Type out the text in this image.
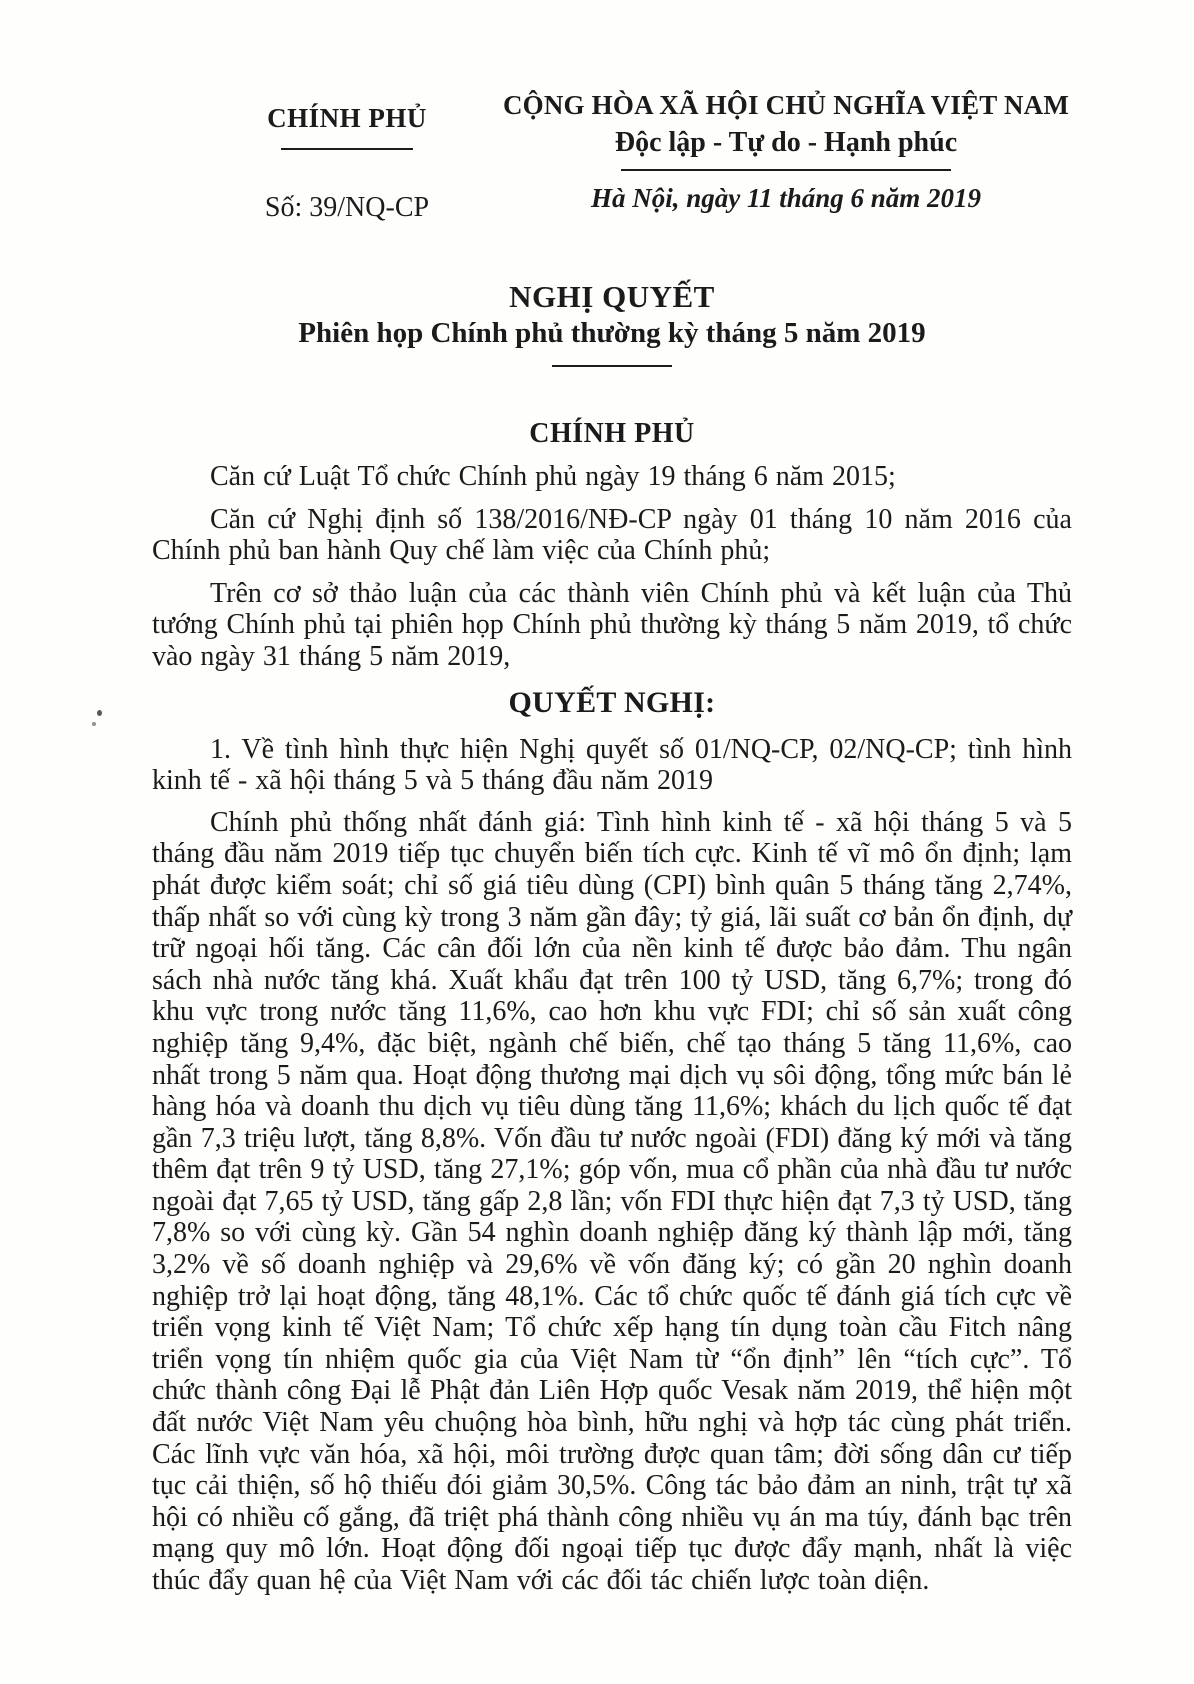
CHÍNH PHỦ
Số: 39/NQ-CP
CỘNG HÒA XÃ HỘI CHỦ NGHĨA VIỆT NAM
Độc lập - Tự do - Hạnh phúc
Hà Nội, ngày 11 tháng 6 năm 2019
NGHỊ QUYẾT
Phiên họp Chính phủ thường kỳ tháng 5 năm 2019
CHÍNH PHỦ

Căn cứ Luật Tổ chức Chính phủ ngày 19 tháng 6 năm 2015;

Căn cứ Nghị định số 138/2016/NĐ-CP ngày 01 tháng 10 năm 2016 của Chính phủ ban hành Quy chế làm việc của Chính phủ;

Trên cơ sở thảo luận của các thành viên Chính phủ và kết luận của Thủ tướng Chính phủ tại phiên họp Chính phủ thường kỳ tháng 5 năm 2019, tổ chức vào ngày 31 tháng 5 năm 2019,

QUYẾT NGHỊ:

1. Về tình hình thực hiện Nghị quyết số 01/NQ-CP, 02/NQ-CP; tình hình kinh tế - xã hội tháng 5 và 5 tháng đầu năm 2019

Chính phủ thống nhất đánh giá: Tình hình kinh tế - xã hội tháng 5 và 5 tháng đầu năm 2019 tiếp tục chuyển biến tích cực. Kinh tế vĩ mô ổn định; lạm phát được kiểm soát; chỉ số giá tiêu dùng (CPI) bình quân 5 tháng tăng 2,74%, thấp nhất so với cùng kỳ trong 3 năm gần đây; tỷ giá, lãi suất cơ bản ổn định, dự trữ ngoại hối tăng. Các cân đối lớn của nền kinh tế được bảo đảm. Thu ngân sách nhà nước tăng khá. Xuất khẩu đạt trên 100 tỷ USD, tăng 6,7%; trong đó khu vực trong nước tăng 11,6%, cao hơn khu vực FDI; chỉ số sản xuất công nghiệp tăng 9,4%, đặc biệt, ngành chế biến, chế tạo tháng 5 tăng 11,6%, cao nhất trong 5 năm qua. Hoạt động thương mại dịch vụ sôi động, tổng mức bán lẻ hàng hóa và doanh thu dịch vụ tiêu dùng tăng 11,6%; khách du lịch quốc tế đạt gần 7,3 triệu lượt, tăng 8,8%. Vốn đầu tư nước ngoài (FDI) đăng ký mới và tăng thêm đạt trên 9 tỷ USD, tăng 27,1%; góp vốn, mua cổ phần của nhà đầu tư nước ngoài đạt 7,65 tỷ USD, tăng gấp 2,8 lần; vốn FDI thực hiện đạt 7,3 tỷ USD, tăng 7,8% so với cùng kỳ. Gần 54 nghìn doanh nghiệp đăng ký thành lập mới, tăng 3,2% về số doanh nghiệp và 29,6% về vốn đăng ký; có gần 20 nghìn doanh nghiệp trở lại hoạt động, tăng 48,1%. Các tổ chức quốc tế đánh giá tích cực về triển vọng kinh tế Việt Nam; Tổ chức xếp hạng tín dụng toàn cầu Fitch nâng triển vọng tín nhiệm quốc gia của Việt Nam từ “ổn định” lên “tích cực”. Tổ chức thành công Đại lễ Phật đản Liên Hợp quốc Vesak năm 2019, thể hiện một đất nước Việt Nam yêu chuộng hòa bình, hữu nghị và hợp tác cùng phát triển. Các lĩnh vực văn hóa, xã hội, môi trường được quan tâm; đời sống dân cư tiếp tục cải thiện, số hộ thiếu đói giảm 30,5%. Công tác bảo đảm an ninh, trật tự xã hội có nhiều cố gắng, đã triệt phá thành công nhiều vụ án ma túy, đánh bạc trên mạng quy mô lớn. Hoạt động đối ngoại tiếp tục được đẩy mạnh, nhất là việc thúc đẩy quan hệ của Việt Nam với các đối tác chiến lược toàn diện.
